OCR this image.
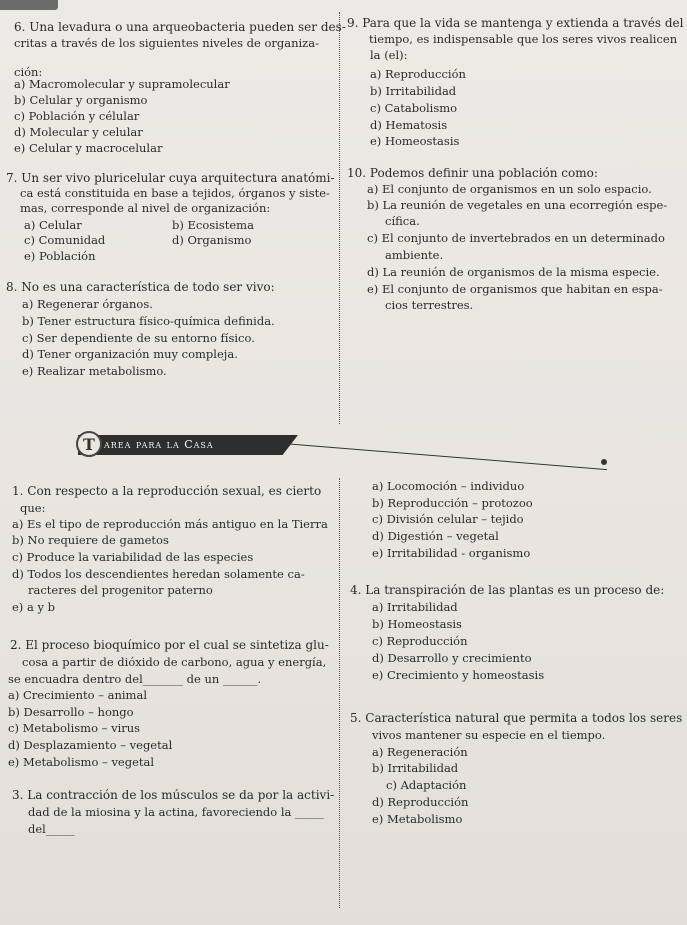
T area para la Casa
6. Una levadura o una arqueobacteria pueden ser des-
critas a través de los siguientes niveles de organiza-
ción:
a) Macromolecular y supramolecular
b) Celular y organismo
c) Población y célular
d) Molecular y celular
e) Celular y macrocelular
7. Un ser vivo pluricelular cuya arquitectura anatómi-
ca está constituida en base a tejidos, órganos y siste-
mas, corresponde al nivel de organización:
a) Celular	b) Ecosistema
c) Comunidad	d) Organismo
e) Población
8. No es una característica de todo ser vivo:
a) Regenerar órganos.
b) Tener estructura físico-química definida.
c) Ser dependiente de su entorno físico.
d) Tener organización muy compleja.
e) Realizar metabolismo.
1. Con respecto a la reproducción sexual, es cierto
que:
a) Es el tipo de reproducción más antiguo en la Tierra
b) No requiere de gametos
c) Produce la variabilidad de las especies
d) Todos los descendientes heredan solamente ca-
racteres del progenitor paterno
e) a y b
2. El proceso bioquímico por el cual se sintetiza glu-
cosa a partir de dióxido de carbono, agua y energía,
se encuadra dentro del_______ de un ______.
a) Crecimiento – animal
b) Desarrollo – hongo
c) Metabolismo – virus
d) Desplazamiento – vegetal
e) Metabolismo – vegetal
3. La contracción de los músculos se da por la activi-
dad de la miosina y la actina, favoreciendo la _____
del_____
9. Para que la vida se mantenga y extienda a través del
tiempo, es indispensable que los seres vivos realicen
la (el):
a) Reproducción
b) Irritabilidad
c) Catabolismo
d) Hematosis
e) Homeostasis
10. Podemos definir una población como:
a) El conjunto de organismos en un solo espacio.
b) La reunión de vegetales en una ecorregión espe-
cífica.
c) El conjunto de invertebrados en un determinado
ambiente.
d) La reunión de organismos de la misma especie.
e) El conjunto de organismos que habitan en espa-
cios terrestres.
a) Locomoción – individuo
b) Reproducción – protozoo
c) División celular – tejido
d) Digestión – vegetal
e) Irritabilidad - organismo
4. La transpiración de las plantas es un proceso de:
a) Irritabilidad
b) Homeostasis
c) Reproducción
d) Desarrollo y crecimiento
e) Crecimiento y homeostasis
5. Característica natural que permita a todos los seres
vivos mantener su especie en el tiempo.
a) Regeneración
b) Irritabilidad
c) Adaptación
d) Reproducción
e) Metabolismo
